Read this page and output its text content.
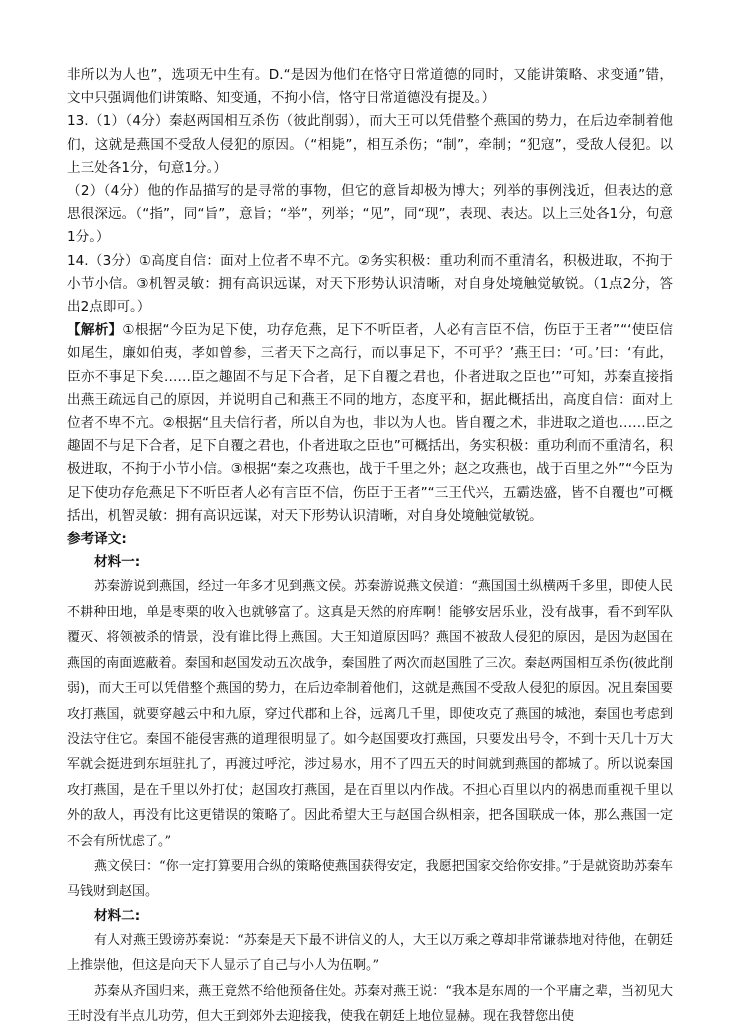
非所以为人也”，选项无中生有。D.“是因为他们在恪守日常道德的同时，又能讲策略、求变通”错，文中只强调他们讲策略、知变通，不拘小信，恪守日常道德没有提及。）

13.（1）（4分）秦赵两国相互杀伤（彼此削弱），而大王可以凭借整个燕国的势力，在后边牵制着他们，这就是燕国不受敌人侵犯的原因。（“相毙”，相互杀伤；“制”，牵制；“犯寇”，受敌人侵犯。以上三处各1分，句意1分。）

（2）（4分）他的作品描写的是寻常的事物，但它的意旨却极为博大；列举的事例浅近，但表达的意思很深远。（“指”，同“旨”，意旨；“举”，列举；“见”，同“现”，表现、表达。以上三处各1分，句意1分。）

14.（3分）①高度自信：面对上位者不卑不亢。②务实积极：重功利而不重清名，积极进取，不拘于小节小信。③机智灵敏：拥有高识远谋，对天下形势认识清晰，对自身处境触觉敏锐。（1点2分，答出2点即可。）

【解析】①根据“今臣为足下使，功存危燕，足下不听臣者，人必有言臣不信，伤臣于王者”“‘使臣信如尾生，廉如伯夷，孝如曾参，三者天下之高行，而以事足下，不可乎？’燕王曰：‘可。’曰：‘有此，臣亦不事足下矣……臣之趣固不与足下合者，足下自覆之君也，仆者进取之臣也’”可知，苏秦直接指出燕王疏远自己的原因，并说明自己和燕王不同的地方，态度平和，据此概括出，高度自信：面对上位者不卑不亢。②根据“且夫信行者，所以自为也，非以为人也。皆自覆之术，非进取之道也……臣之趣固不与足下合者，足下自覆之君也，仆者进取之臣也”可概括出，务实积极：重功利而不重清名，积极进取，不拘于小节小信。③根据“秦之攻燕也，战于千里之外；赵之攻燕也，战于百里之外”“今臣为足下使功存危燕足下不听臣者人必有言臣不信，伤臣于王者”“三王代兴，五霸迭盛，皆不自覆也”可概括出，机智灵敏：拥有高识远谋，对天下形势认识清晰，对自身处境触觉敏锐。

参考译文:

材料一:

苏秦游说到燕国，经过一年多才见到燕文侯。苏秦游说燕文侯道：“燕国国土纵横两千多里，即使人民不耕种田地，单是枣栗的收入也就够富了。这真是天然的府库啊！能够安居乐业，没有战事，看不到军队覆灭、将领被杀的情景，没有谁比得上燕国。大王知道原因吗？燕国不被敌人侵犯的原因，是因为赵国在燕国的南面遮蔽着。秦国和赵国发动五次战争，秦国胜了两次而赵国胜了三次。秦赵两国相互杀伤(彼此削弱)，而大王可以凭借整个燕国的势力，在后边牵制着他们，这就是燕国不受敌人侵犯的原因。况且秦国要攻打燕国，就要穿越云中和九原，穿过代郡和上谷，远离几千里，即使攻克了燕国的城池，秦国也考虑到没法守住它。秦国不能侵害燕的道理很明显了。如今赵国要攻打燕国，只要发出号令，不到十天几十万大军就会挺进到东垣驻扎了，再渡过呼沱，涉过易水，用不了四五天的时间就到燕国的都城了。所以说秦国攻打燕国，是在千里以外打仗；赵国攻打燕国，是在百里以内作战。不担心百里以内的祸患而重视千里以外的敌人，再没有比这更错误的策略了。因此希望大王与赵国合纵相亲，把各国联成一体，那么燕国一定不会有所忧虑了。”

燕文侯曰：“你一定打算要用合纵的策略使燕国获得安定，我愿把国家交给你安排。”于是就资助苏秦车马钱财到赵国。

材料二:

有人对燕王毁谤苏秦说：“苏秦是天下最不讲信义的人，大王以万乘之尊却非常谦恭地对待他，在朝廷上推崇他，但这是向天下人显示了自己与小人为伍啊。”

苏秦从齐国归来，燕王竟然不给他预备住处。苏秦对燕王说：“我本是东周的一个平庸之辈，当初见大王时没有半点儿功劳，但大王到郊外去迎接我，使我在朝廷上地位显赫。现在我替您出使
